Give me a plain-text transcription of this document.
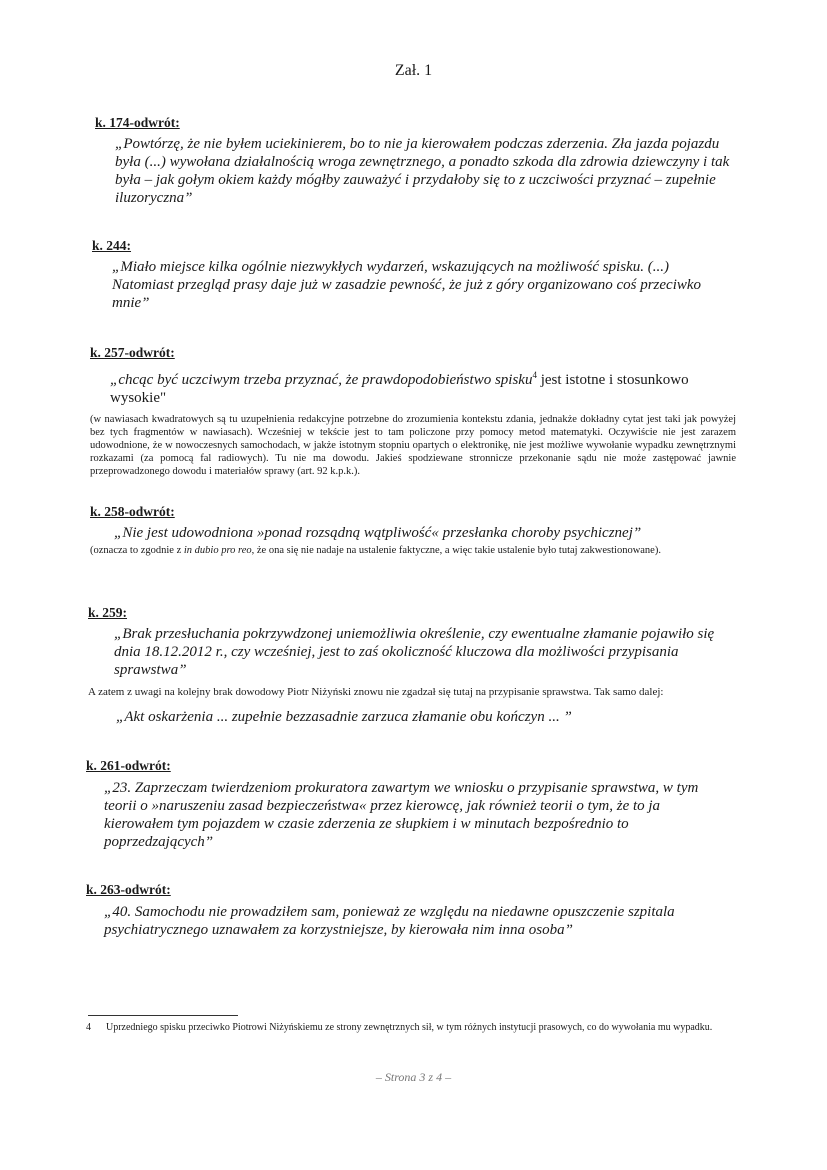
Zał. 1
k. 174-odwrót:
„Powtórzę, że nie byłem uciekinierem, bo to nie ja kierowałem podczas zderzenia. Zła jazda pojazdu była (...) wywołana działalnością wroga zewnętrznego, a ponadto szkoda dla zdrowia dziewczyny i tak była – jak gołym okiem każdy mógłby zauważyć i przydałoby się to z uczciwości przyznać – zupełnie iluzoryczna”
k. 244:
„Miało miejsce kilka ogólnie niezwykłych wydarzeń, wskazujących na możliwość spisku. (...) Natomiast przegląd prasy daje już w zasadzie pewność, że już z góry organizowano coś przeciwko mnie”
k. 257-odwrót:
„chcąc być uczciwym trzeba przyznać, że prawdopodobieństwo spisku$^4$ jest istotne i stosunkowo wysokie"
(w nawiasach kwadratowych są tu uzupełnienia redakcyjne potrzebne do zrozumienia kontekstu zdania, jednakże dokładny cytat jest taki jak powyżej bez tych fragmentów w nawiasach). Wcześniej w tekście jest to tam policzone przy pomocy metod matematyki. Oczywiście nie jest zarazem udowodnione, że w nowoczesnych samochodach, w jakże istotnym stopniu opartych o elektronikę, nie jest możliwe wywołanie wypadku zewnętrznymi rozkazami (za pomocą fal radiowych). Tu nie ma dowodu. Jakieś spodziewane stronnicze przekonanie sądu nie może zastępować jawnie przeprowadzonego dowodu i materiałów sprawy (art. 92 k.p.k.).
k. 258-odwrót:
„Nie jest udowodniona »ponad rozsądną wątpliwość« przesłanka choroby psychicznej”
(oznacza to zgodnie z in dubio pro reo, że ona się nie nadaje na ustalenie faktyczne, a więc takie ustalenie było tutaj zakwestionowane).
k. 259:
„Brak przesłuchania pokrzywdzonej uniemożliwia określenie, czy ewentualne złamanie pojawiło się dnia 18.12.2012 r., czy wcześniej, jest to zaś okoliczność kluczowa dla możliwości przypisania sprawstwa”
A zatem z uwagi na kolejny brak dowodowy Piotr Niżyński znowu nie zgadzał się tutaj na przypisanie sprawstwa. Tak samo dalej:
„Akt oskarżenia ... zupełnie bezzasadnie zarzuca złamanie obu kończyn ... ”
k. 261-odwrót:
„23. Zaprzeczam twierdzeniom prokuratora zawartym we wniosku o przypisanie sprawstwa, w tym teorii o »naruszeniu zasad bezpieczeństwa« przez kierowcę, jak również teorii o tym, że to ja kierowałem tym pojazdem w czasie zderzenia ze słupkiem i w minutach bezpośrednio to poprzedzających”
k. 263-odwrót:
„40. Samochodu nie prowadziłem sam, ponieważ ze względu na niedawne opuszczenie szpitala psychiatrycznego uznawałem za korzystniejsze, by kierowała nim inna osoba”
4 Uprzedniego spisku przeciwko Piotrowi Niżyńskiemu ze strony zewnętrznych sił, w tym różnych instytucji prasowych, co do wywołania mu wypadku.
– Strona 3 z 4 –
